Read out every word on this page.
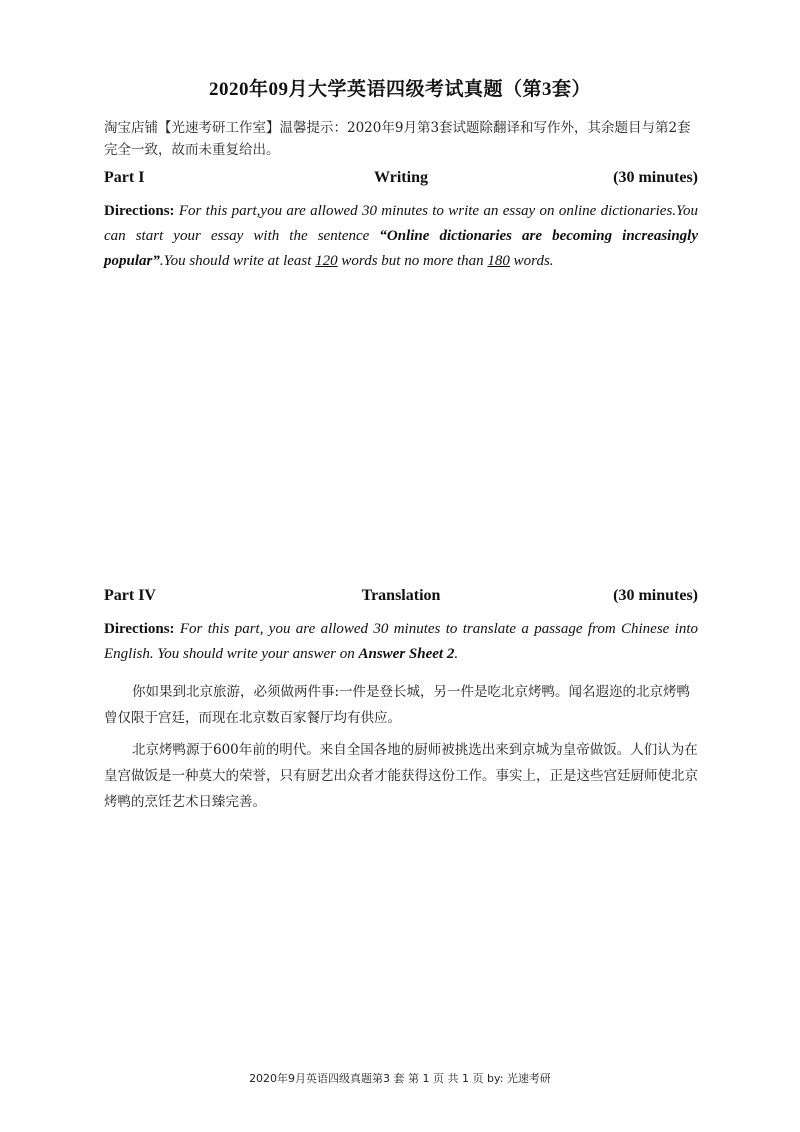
2020年09月大学英语四级考试真题（第3套）
淘宝店铺【光速考研工作室】温馨提示：2020年9月第3套试题除翻译和写作外，其余题目与第2套完全一致，故而未重复给出。
Writing
Part I	(30 minutes)
Directions: For this part,you are allowed 30 minutes to write an essay on online dictionaries.You can start your essay with the sentence “Online dictionaries are becoming increasingly popular”.You should write at least 120 words but no more than 180 words.
Translation
Part IV	(30 minutes)
Directions: For this part, you are allowed 30 minutes to translate a passage from Chinese into English. You should write your answer on Answer Sheet 2.
你如果到北京旅游，必须做两件事:一件是登长城，另一件是吃北京烤鸭。闻名遐迩的北京烤鸭曾仅限于宫廷，而现在北京数百家餐厅均有供应。
北京烤鸭源于600年前的明代。来自全国各地的厨师被挑选出来到京城为皇帝做饭。人们认为在皇宫做饭是一种莫大的荣誉，只有厨艺出众者才能获得这份工作。事实上，正是这些宫廷厨师使北京烤鸭的烹饪艺术日臻完善。
2020年9月英语四级真题第3 套 第 1 页 共 1 页 by: 光速考研
